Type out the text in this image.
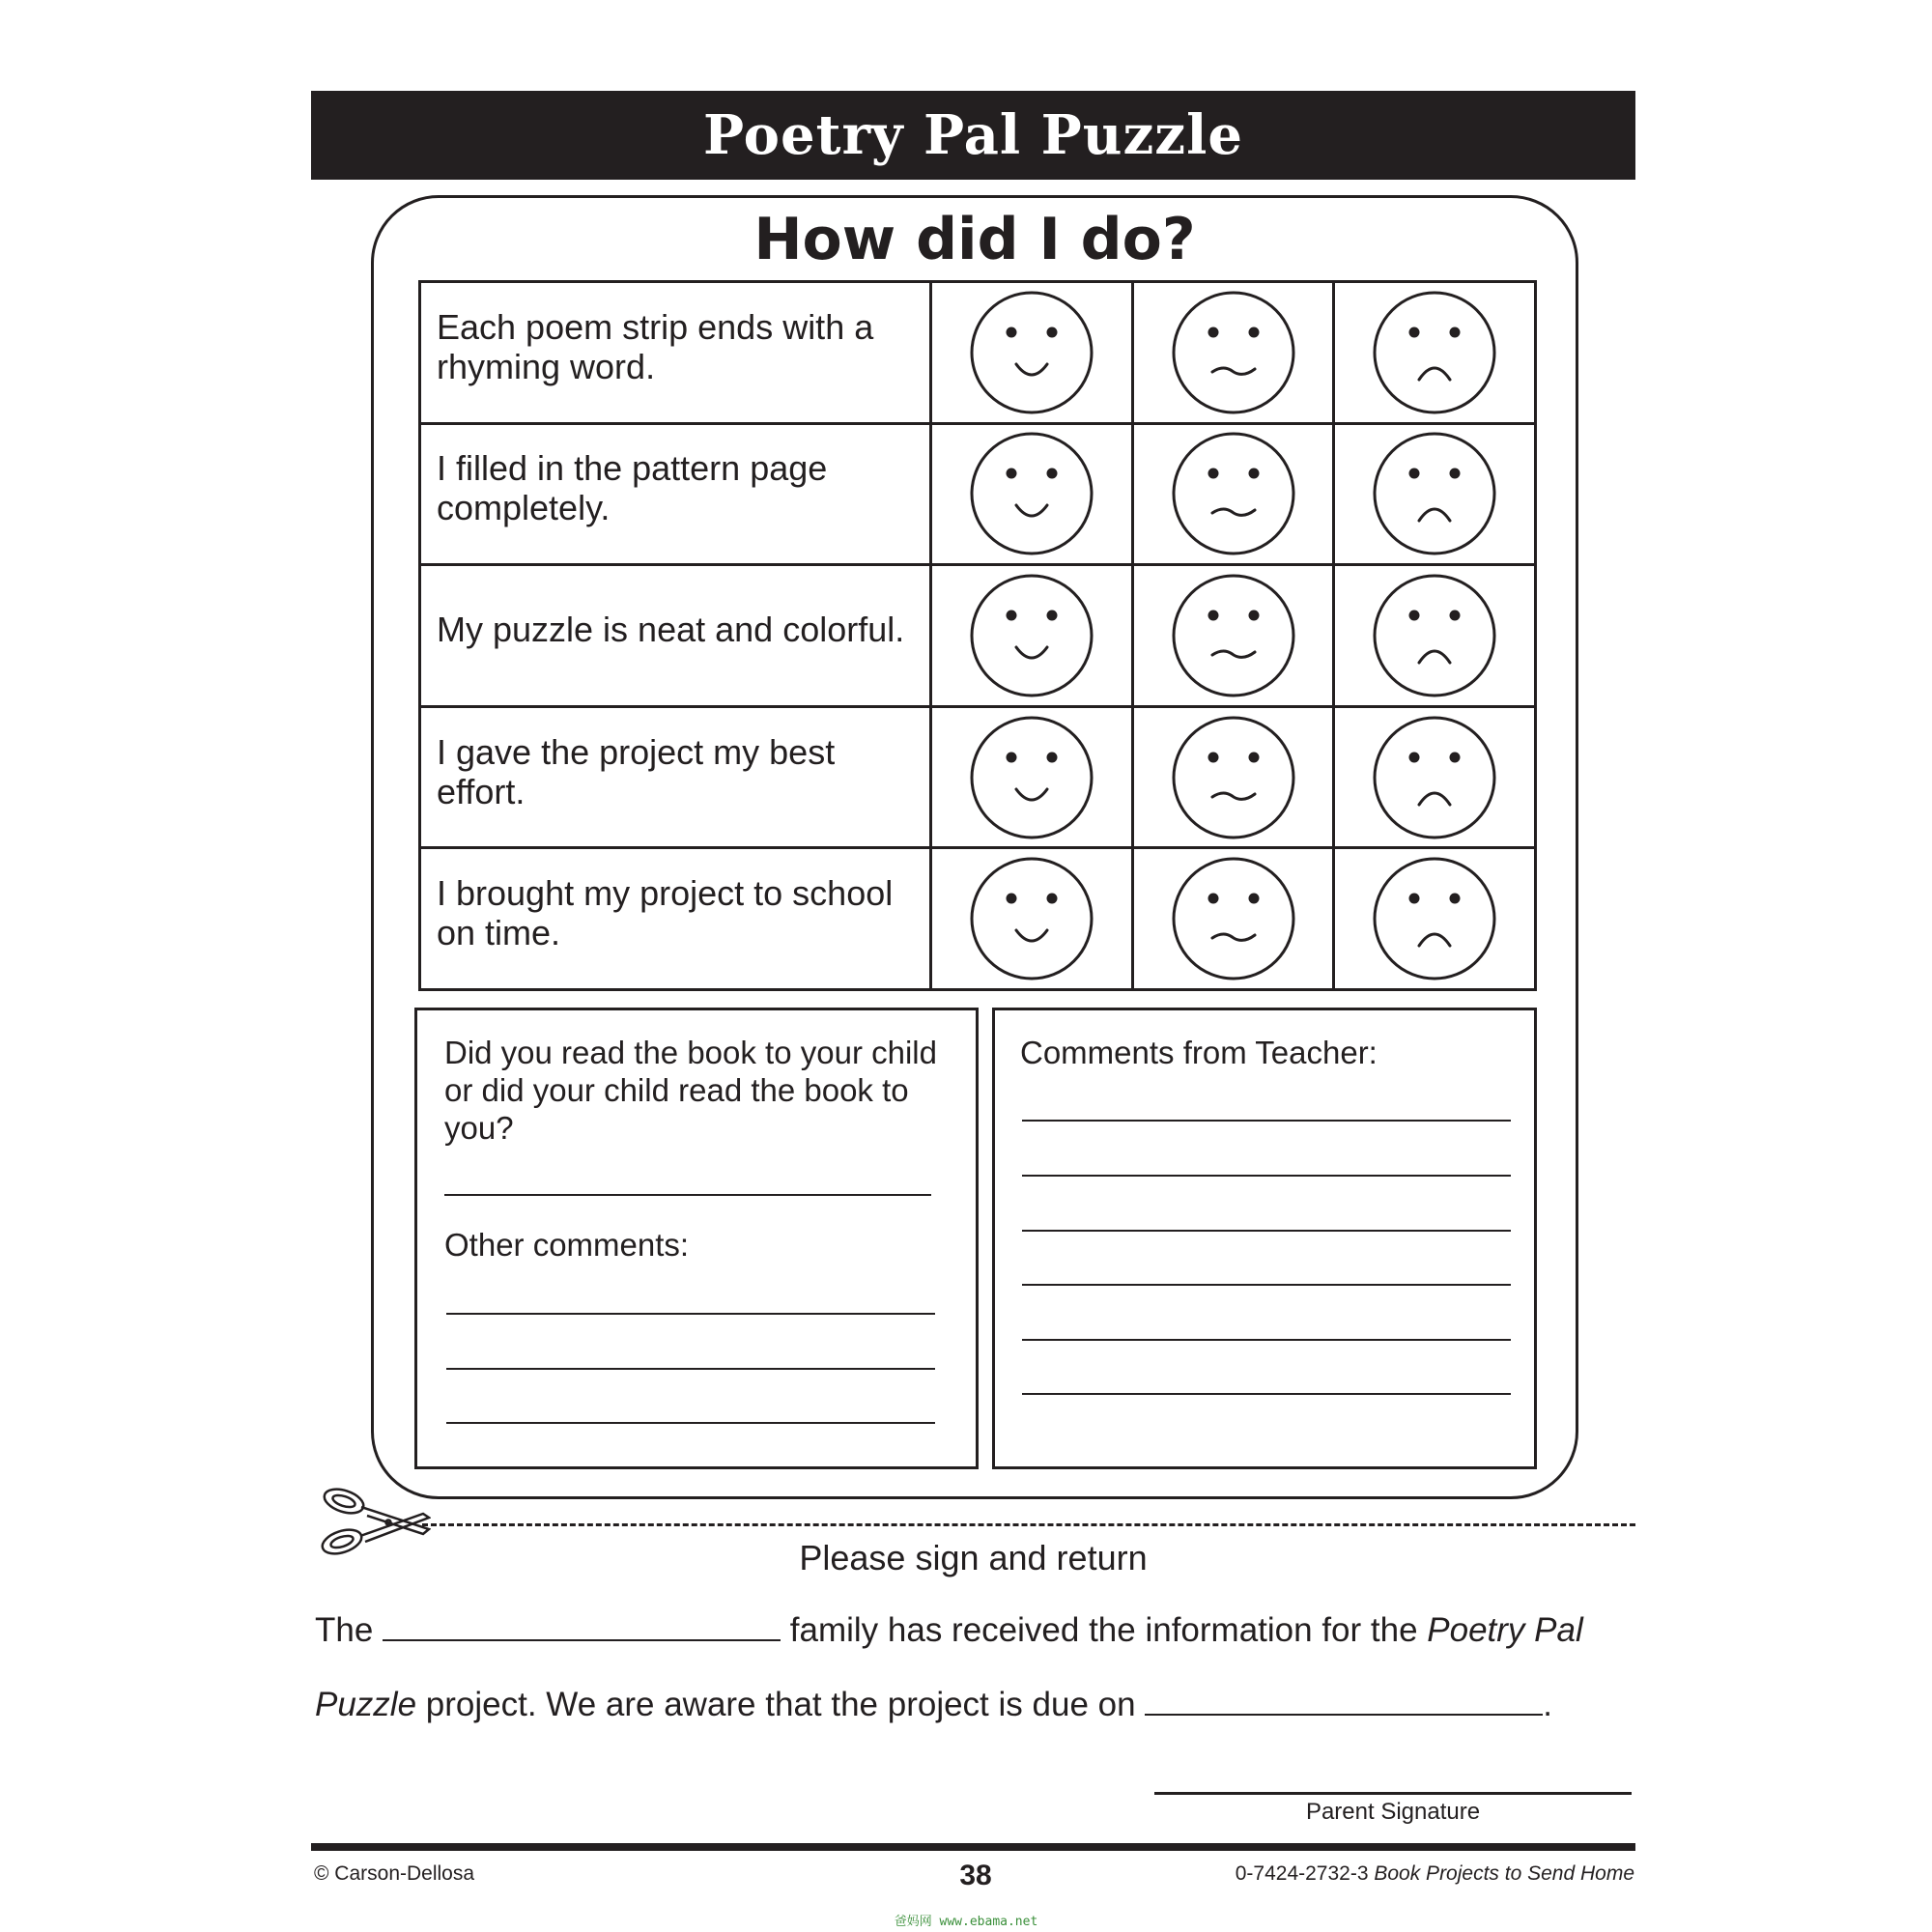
Poetry Pal Puzzle
How did I do?
Each poem strip ends with a rhyming word.	

I filled in the pattern page completely.	

My puzzle is neat and colorful.	

I gave the project my best effort.	

I brought my project to school on time.	

Did you read the book to your child or did your child read the book to you?
Other comments:
Comments from Teacher:
Please sign and return
The	family has received the information for the Poetry Pal
Puzzle project. We are aware that the project is due on	.
Parent Signature
© Carson-Dellosa	38	0-7424-2732-3 Book Projects to Send Home
爸妈网 www.ebama.net
